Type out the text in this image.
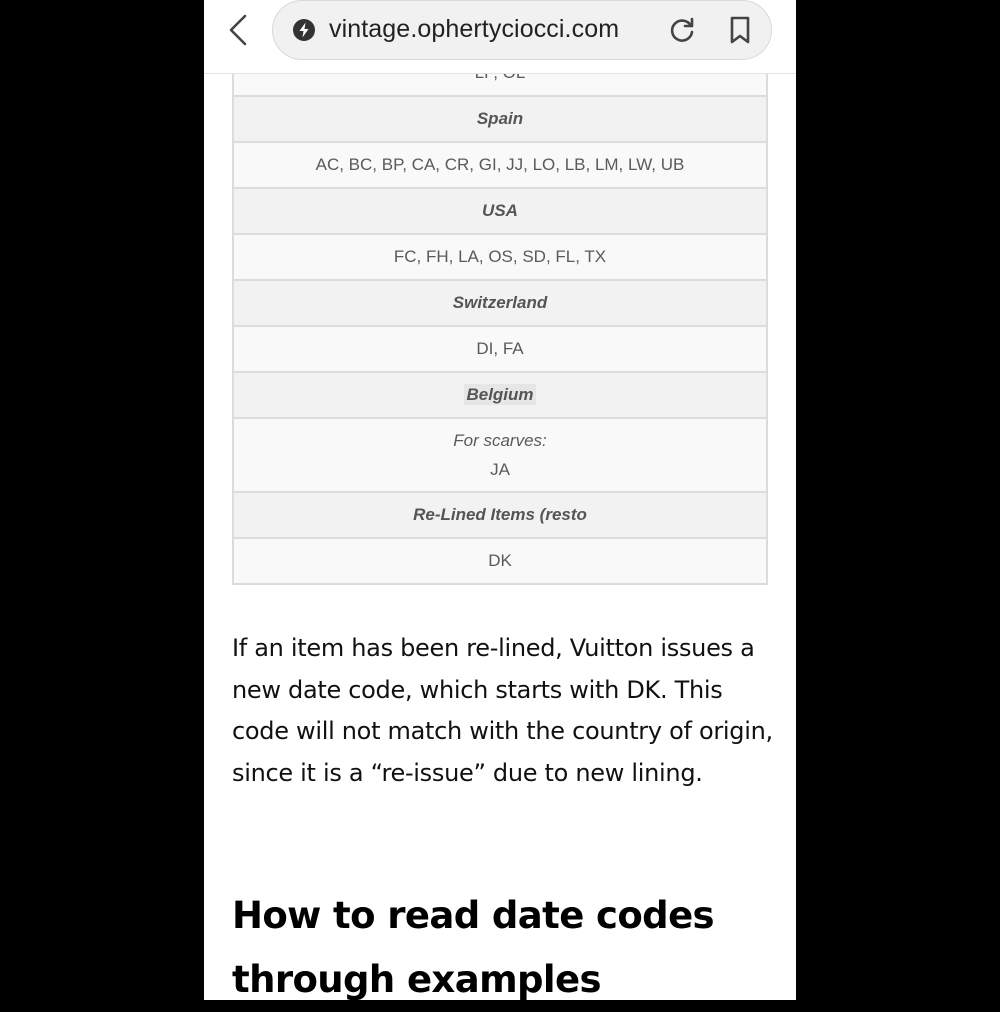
vintage.ophertyciocci.com

Spain
AC, BC, BP, CA, CR, GI, JJ, LO, LB, LM, LW, UB
USA
FC, FH, LA, OS, SD, FL, TX
Switzerland
DI, FA
Belgium

For scarves:
JA

Re-Lined Items (resto
DK

If an item has been re-lined, Vuitton issues a new date code, which starts with DK. This code will not match with the country of origin, since it is a “re-issue” due to new lining.

How to read date codes through examples
